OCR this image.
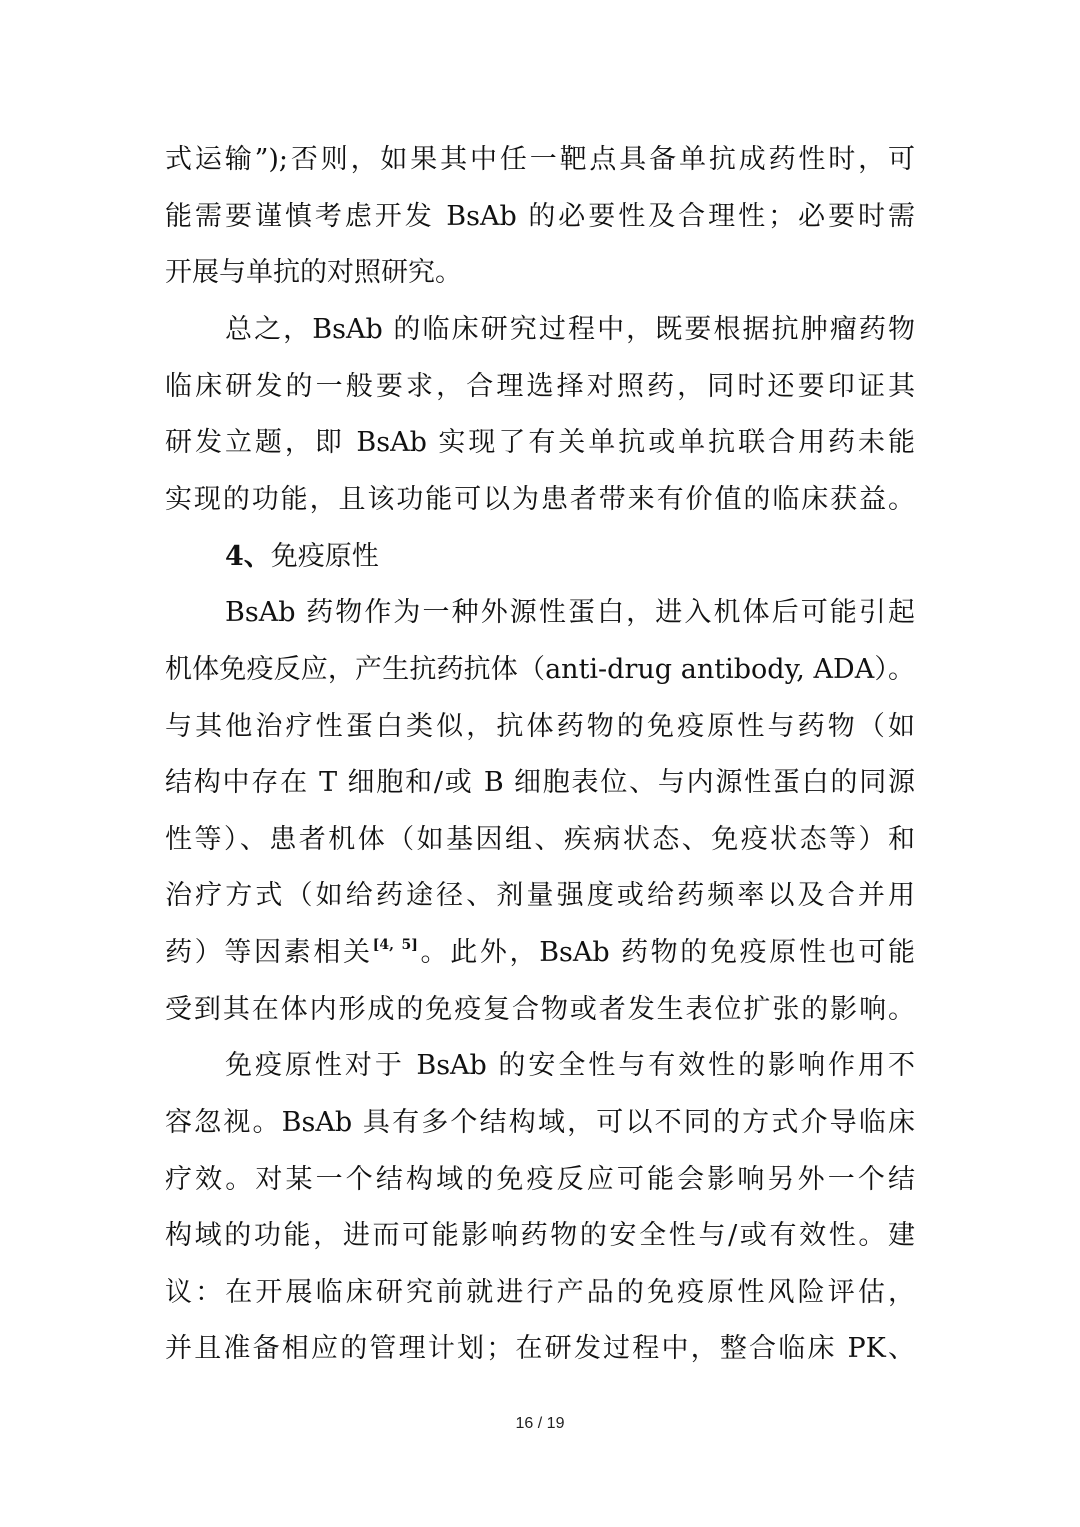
式运输”);否则，如果其中任一靶点具备单抗成药性时，可
能需要谨慎考虑开发 BsAb 的必要性及合理性；必要时需
开展与单抗的对照研究。
总之，BsAb 的临床研究过程中，既要根据抗肿瘤药物
临床研发的一般要求，合理选择对照药，同时还要印证其
研发立题，即 BsAb 实现了有关单抗或单抗联合用药未能
实现的功能，且该功能可以为患者带来有价值的临床获益。
4、免疫原性
BsAb 药物作为一种外源性蛋白，进入机体后可能引起
机体免疫反应，产生抗药抗体（anti-drug antibody, ADA）。
与其他治疗性蛋白类似，抗体药物的免疫原性与药物（如
结构中存在 T 细胞和/或 B 细胞表位、与内源性蛋白的同源
性等）、患者机体（如基因组、疾病状态、免疫状态等）和
治疗方式（如给药途径、剂量强度或给药频率以及合并用
药）等因素相关[4, 5]。此外，BsAb 药物的免疫原性也可能
受到其在体内形成的免疫复合物或者发生表位扩张的影响。
免疫原性对于 BsAb 的安全性与有效性的影响作用不
容忽视。BsAb 具有多个结构域，可以不同的方式介导临床
疗效。对某一个结构域的免疫反应可能会影响另外一个结
构域的功能，进而可能影响药物的安全性与/或有效性。建
议：在开展临床研究前就进行产品的免疫原性风险评估，
并且准备相应的管理计划；在研发过程中，整合临床 PK、
16 / 19
